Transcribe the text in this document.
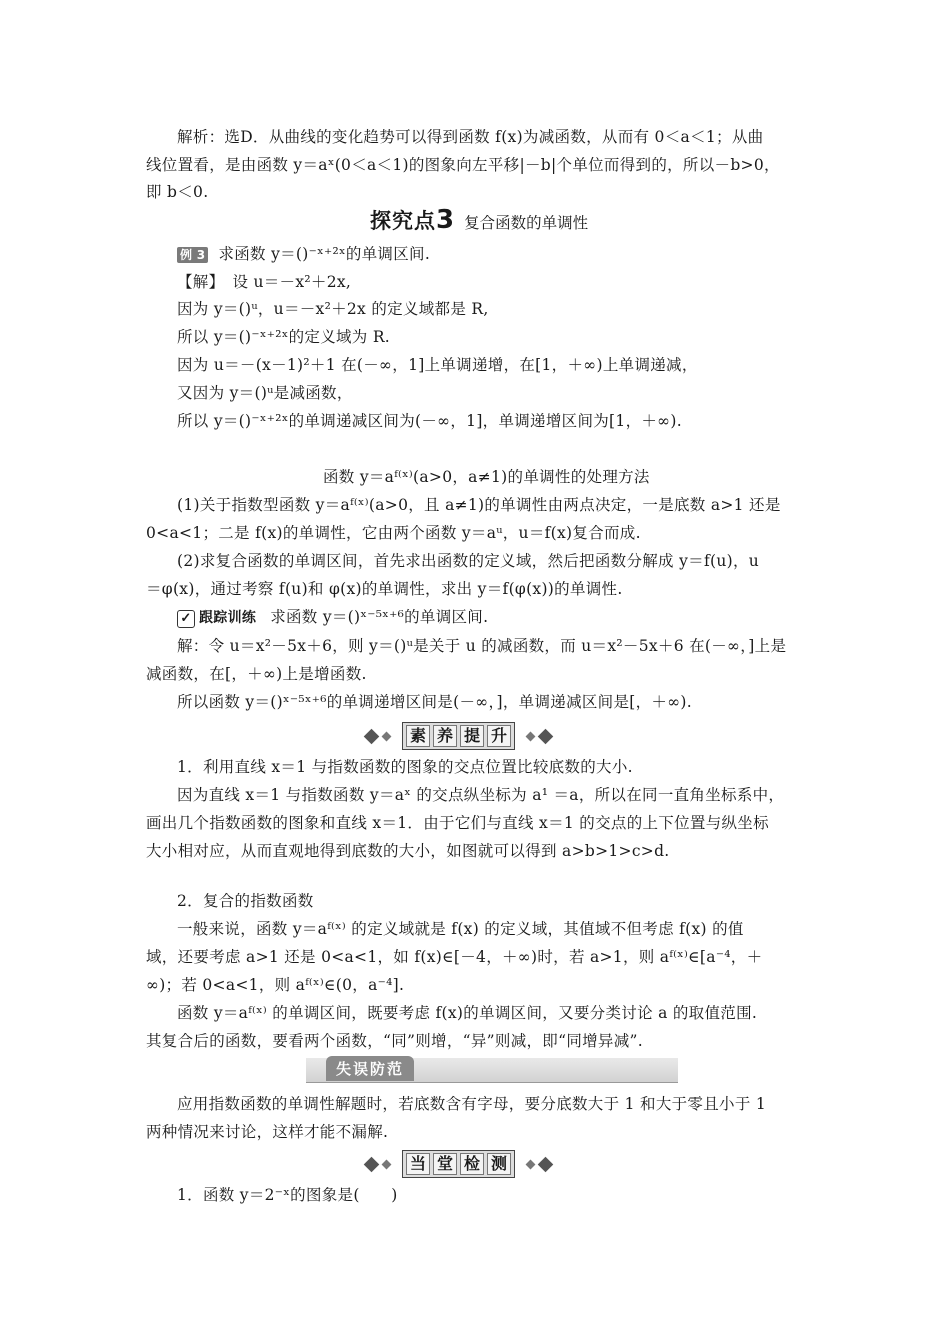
解析：选D．从曲线的变化趋势可以得到函数 f(x)为减函数，从而有 0＜a＜1；从曲
线位置看，是由函数 y＝aˣ(0＜a＜1)的图象向左平移|－b|个单位而得到的，所以－b>0，
即 b＜0.
探究点3 复合函数的单调性
例 3 求函数 y＝()⁻ˣ⁺²ˣ的单调区间.
【解】　设 u＝－x²＋2x,
因为 y＝()ᵘ，u＝－x²＋2x 的定义域都是 R,
所以 y＝()⁻ˣ⁺²ˣ的定义域为 R.
因为 u＝－(x－1)²＋1 在(－∞，1]上单调递增，在[1，＋∞)上单调递减，
又因为 y＝()ᵘ是减函数，
所以 y＝()⁻ˣ⁺²ˣ的单调递减区间为(－∞，1]，单调递增区间为[1，＋∞).
函数 y＝aᶠ⁽ˣ⁾(a>0，a≠1)的单调性的处理方法
(1)关于指数型函数 y＝aᶠ⁽ˣ⁾(a>0，且 a≠1)的单调性由两点决定，一是底数 a>1 还是
0<a<1；二是 f(x)的单调性，它由两个函数 y＝aᵘ，u＝f(x)复合而成.
(2)求复合函数的单调区间，首先求出函数的定义域，然后把函数分解成 y＝f(u)，u
＝φ(x)，通过考察 f(u)和 φ(x)的单调性，求出 y＝f(φ(x))的单调性.
✓ 跟踪训练 求函数 y＝()ˣ⁻⁵ˣ⁺⁶的单调区间.
解：令 u＝x²－5x＋6，则 y＝()ᵘ是关于 u 的减函数，而 u＝x²－5x＋6 在(－∞，]上是
减函数，在[，＋∞)上是增函数.
所以函数 y＝()ˣ⁻⁵ˣ⁺⁶的单调递增区间是(－∞，]，单调递减区间是[，＋∞).
素 养 提 升
1．利用直线 x＝1 与指数函数的图象的交点位置比较底数的大小.
因为直线 x＝1 与指数函数 y＝aˣ 的交点纵坐标为 a¹ ＝a，所以在同一直角坐标系中，
画出几个指数函数的图象和直线 x＝1．由于它们与直线 x＝1 的交点的上下位置与纵坐标
大小相对应，从而直观地得到底数的大小，如图就可以得到 a>b>1>c>d.
2．复合的指数函数
一般来说，函数 y＝aᶠ⁽ˣ⁾ 的定义域就是 f(x) 的定义域，其值域不但考虑 f(x) 的值
域，还要考虑 a>1 还是 0<a<1，如 f(x)∈[－4，＋∞)时，若 a>1，则 aᶠ⁽ˣ⁾∈[a⁻⁴，＋
∞)；若 0<a<1，则 aᶠ⁽ˣ⁾∈(0，a⁻⁴].
函数 y＝aᶠ⁽ˣ⁾ 的单调区间，既要考虑 f(x)的单调区间，又要分类讨论 a 的取值范围.
其复合后的函数，要看两个函数，“同”则增，“异”则减，即“同增异减”.
失误防范
应用指数函数的单调性解题时，若底数含有字母，要分底数大于 1 和大于零且小于 1
两种情况来讨论，这样才能不漏解.
当 堂 检 测
1．函数 y＝2⁻ˣ的图象是(　　)
